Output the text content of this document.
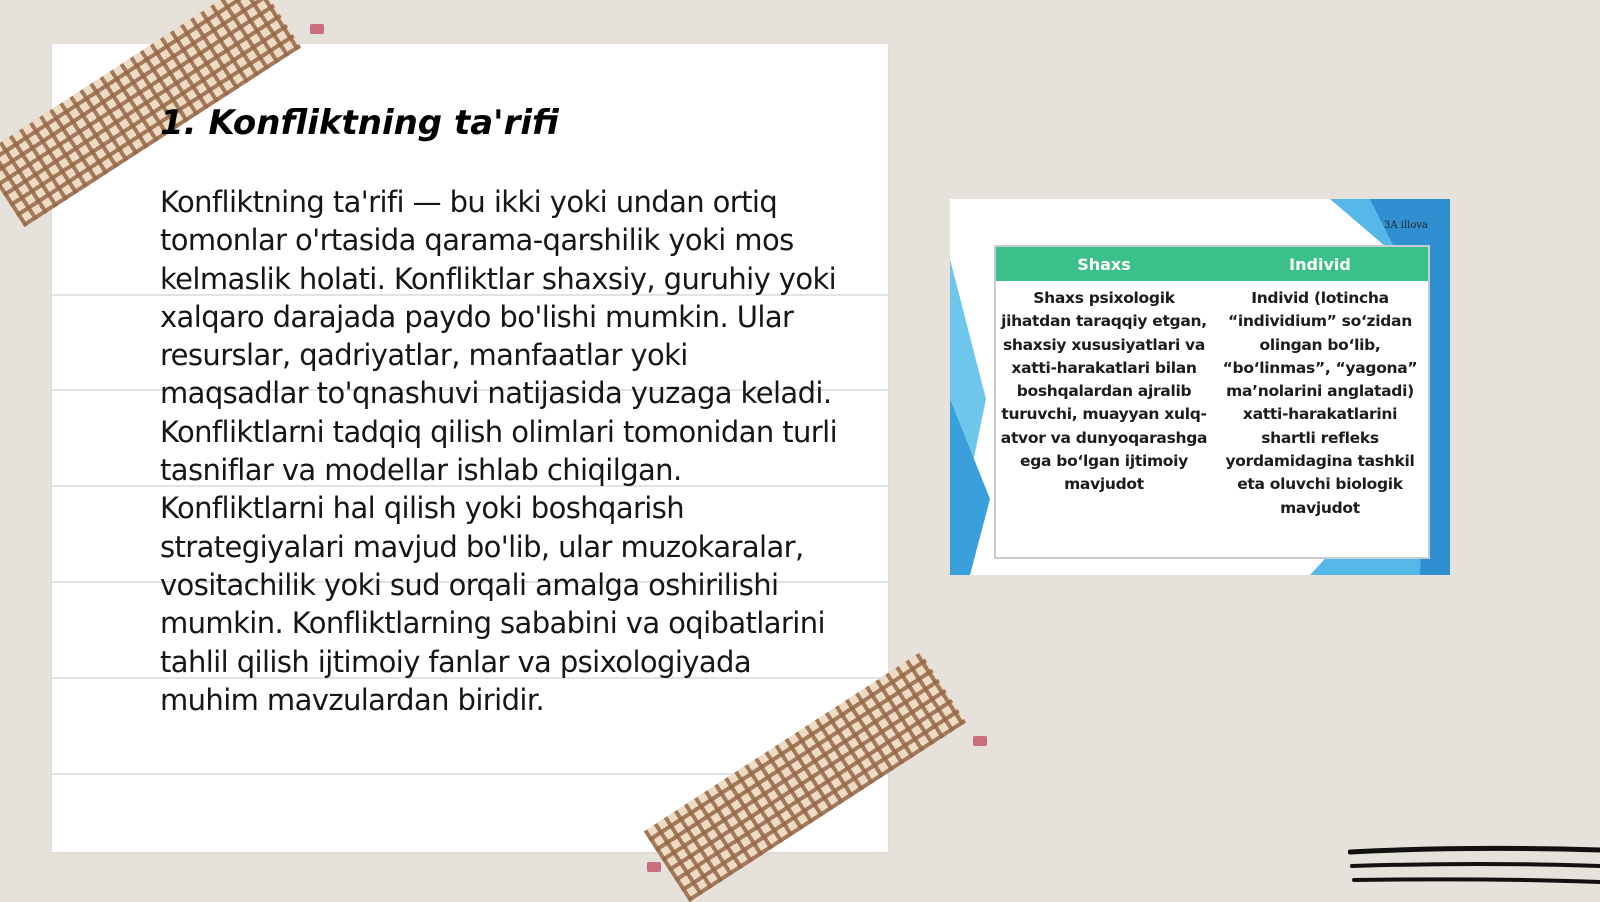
1. Konfliktning ta'rifi

Konfliktning ta'rifi — bu ikki yoki undan ortiq tomonlar o'rtasida qarama-qarshilik yoki mos kelmaslik holati. Konfliktlar shaxsiy, guruhiy yoki xalqaro darajada paydo bo'lishi mumkin. Ular resurslar, qadriyatlar, manfaatlar yoki maqsadlar to'qnashuvi natijasida yuzaga keladi. Konfliktlarni tadqiq qilish olimlari tomonidan turli tasniflar va modellar ishlab chiqilgan. Konfliktlarni hal qilish yoki boshqarish strategiyalari mavjud bo'lib, ular muzokaralar, vositachilik yoki sud orqali amalga oshirilishi mumkin. Konfliktlarning sababini va oqibatlarini tahlil qilish ijtimoiy fanlar va psixologiyada muhim mavzulardan biridir.

3A illova
Shaxs	Individ
Shaxs psixologik jihatdan taraqqiy etgan, shaxsiy xususiyatlari va xatti-harakatlari bilan boshqalardan ajralib turuvchi, muayyan xulq-atvor va dunyoqarashga ega bo‘lgan ijtimoiy mavjudot
Individ (lotincha “individium” so‘zidan olingan bo‘lib, “bo‘linmas”, “yagona” ma’nolarini anglatadi) xatti-harakatlarini shartli refleks yordamidagina tashkil eta oluvchi biologik mavjudot
